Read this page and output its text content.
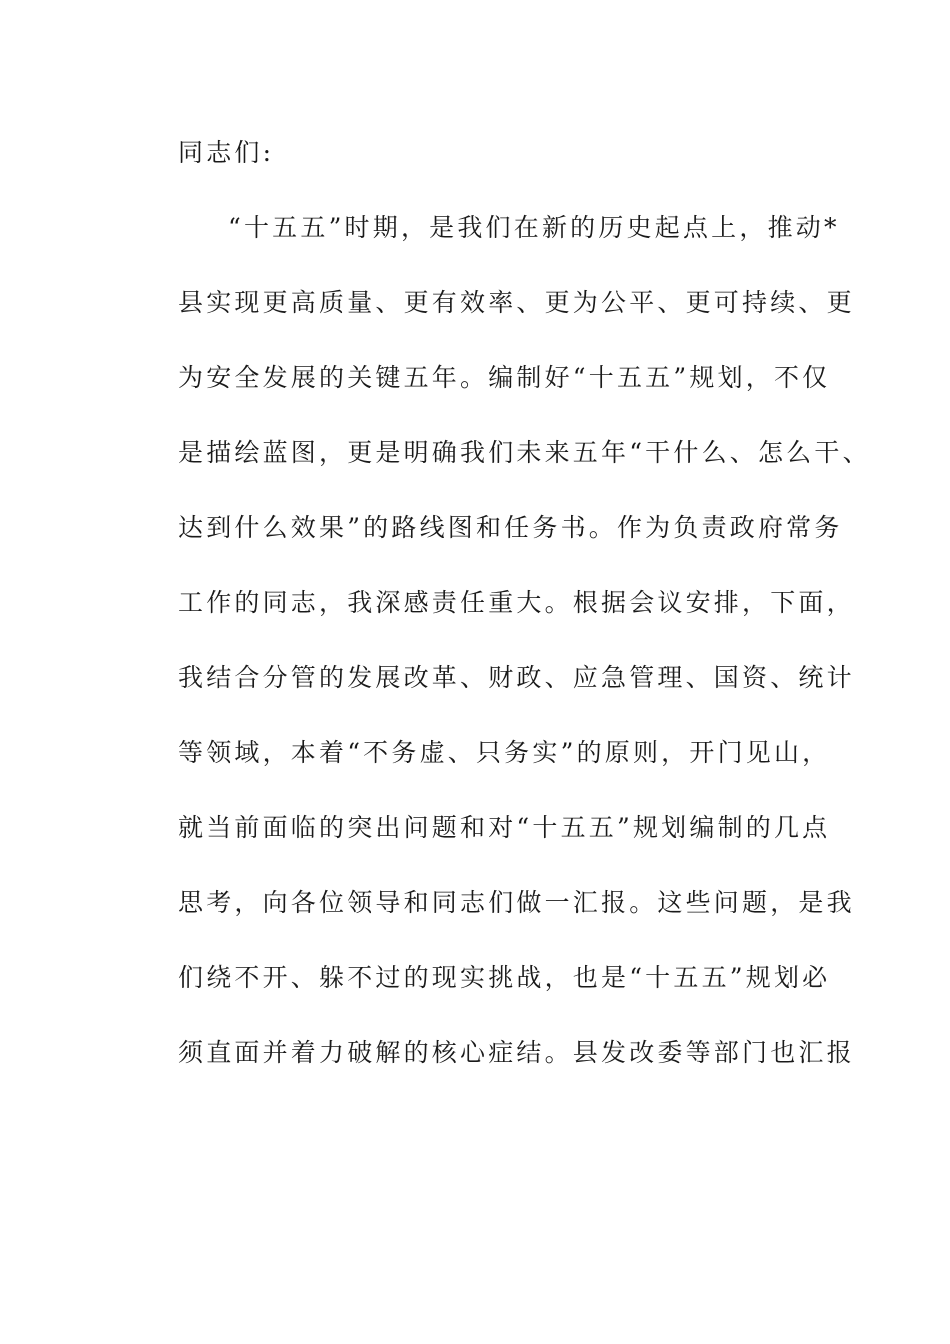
同志们:
“十五五”时期，是我们在新的历史起点上，推动*
县实现更高质量、更有效率、更为公平、更可持续、更
为安全发展的关键五年。编制好“十五五”规划，不仅
是描绘蓝图，更是明确我们未来五年“干什么、怎么干、
达到什么效果”的路线图和任务书。作为负责政府常务
工作的同志，我深感责任重大。根据会议安排，下面，
我结合分管的发展改革、财政、应急管理、国资、统计
等领域，本着“不务虚、只务实”的原则，开门见山，
就当前面临的突出问题和对“十五五”规划编制的几点
思考，向各位领导和同志们做一汇报。这些问题，是我
们绕不开、躲不过的现实挑战，也是“十五五”规划必
须直面并着力破解的核心症结。县发改委等部门也汇报
